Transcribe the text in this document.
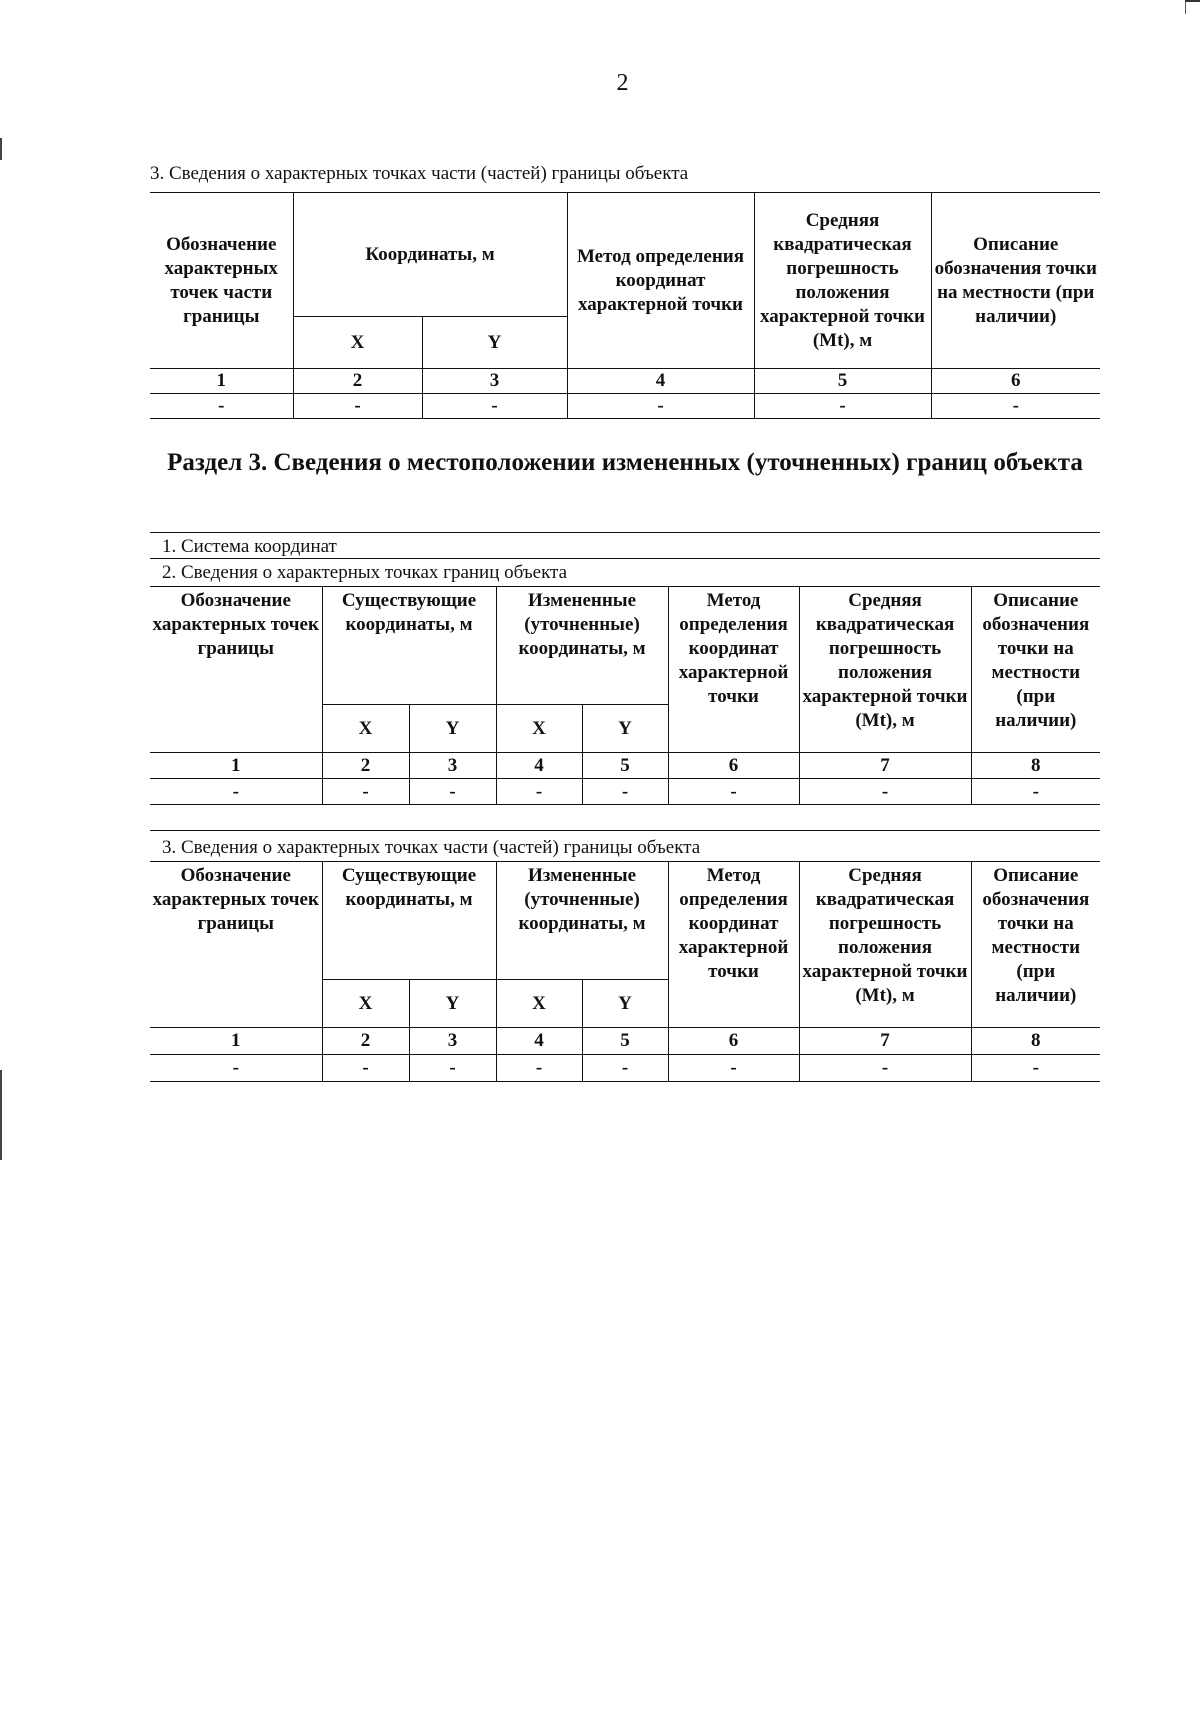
2
3. Сведения о характерных точках части (частей) границы объекта
Обозначение характерных точек части границы	Координаты, м		Метод определения координат характерной точки	Средняя квадратическая погрешность положения характерной точки (Mt), м	Описание обозначения точки на местности (при наличии)
	X	Y			
1	2	3	4	5	6
-	-	-	-	-	-
Раздел 3. Сведения о местоположении измененных (уточненных) границ объекта
1. Система координат
2. Сведения о характерных точках границ объекта
Обозначение характерных точек границы	Существующие координаты, м		Измененные (уточненные) координаты, м		Метод определения координат характерной точки	Средняя квадратическая погрешность положения характерной точки (Mt), м	Описание обозначения точки на местности (при наличии)
	X	Y	X	Y			
1	2	3	4	5	6	7	8
-	-	-	-	-	-	-	-
3. Сведения о характерных точках части (частей) границы объекта
Обозначение характерных точек границы	Существующие координаты, м		Измененные (уточненные) координаты, м		Метод определения координат характерной точки	Средняя квадратическая погрешность положения характерной точки (Mt), м	Описание обозначения точки на местности (при наличии)
	X	Y	X	Y			
1	2	3	4	5	6	7	8
-	-	-	-	-	-	-	-
